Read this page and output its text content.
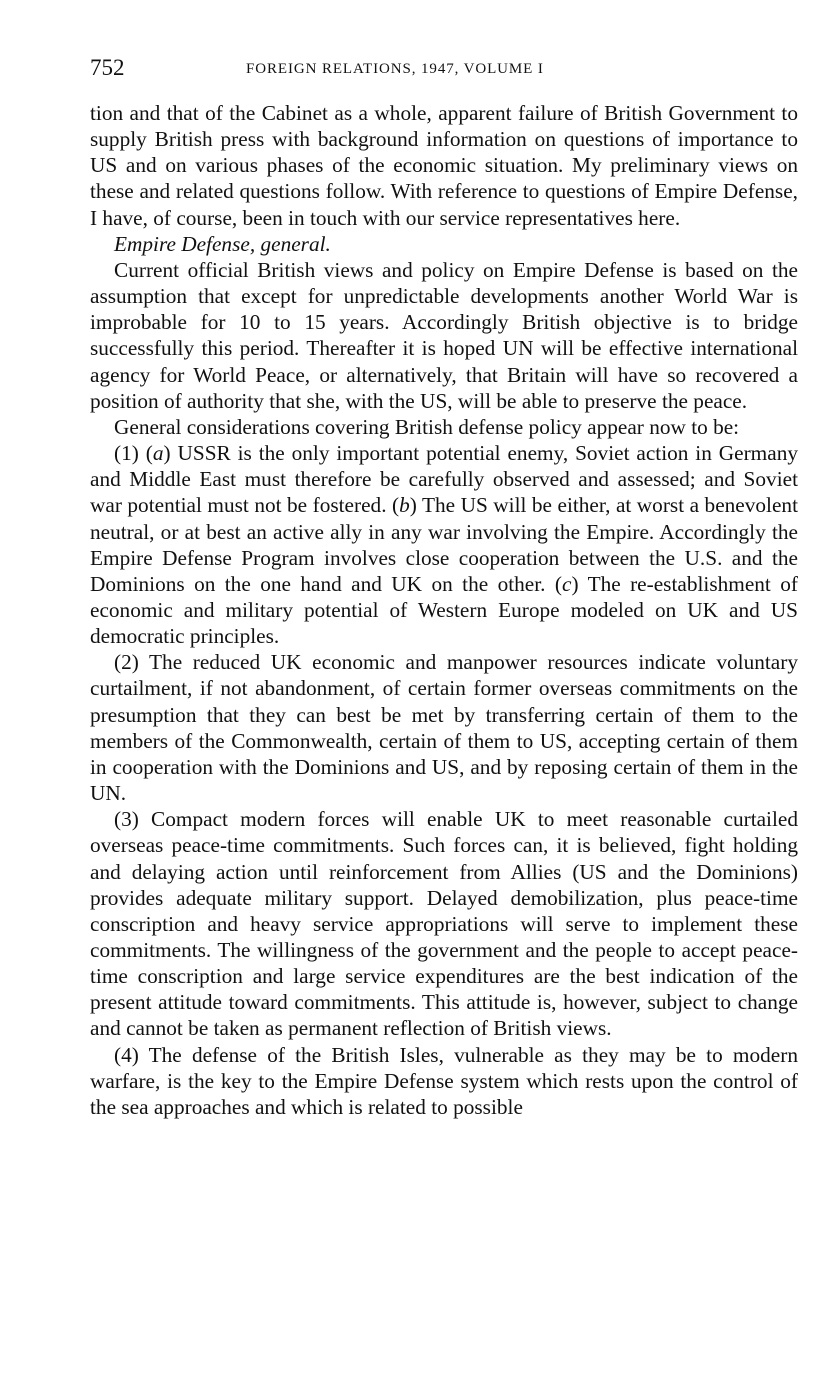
752	FOREIGN RELATIONS, 1947, VOLUME I

tion and that of the Cabinet as a whole, apparent failure of British Government to supply British press with background information on questions of importance to US and on various phases of the economic situation. My preliminary views on these and related questions follow. With reference to questions of Empire Defense, I have, of course, been in touch with our service representatives here.

Empire Defense, general.

Current official British views and policy on Empire Defense is based on the assumption that except for unpredictable developments another World War is improbable for 10 to 15 years. Accordingly British objective is to bridge successfully this period. Thereafter it is hoped UN will be effective international agency for World Peace, or alternatively, that Britain will have so recovered a position of authority that she, with the US, will be able to preserve the peace.

General considerations covering British defense policy appear now to be:

(1) (a) USSR is the only important potential enemy, Soviet action in Germany and Middle East must therefore be carefully observed and assessed; and Soviet war potential must not be fostered. (b) The US will be either, at worst a benevolent neutral, or at best an active ally in any war involving the Empire. Accordingly the Empire Defense Program involves close cooperation between the U.S. and the Dominions on the one hand and UK on the other. (c) The re-establishment of economic and military potential of Western Europe modeled on UK and US democratic principles.

(2) The reduced UK economic and manpower resources indicate voluntary curtailment, if not abandonment, of certain former overseas commitments on the presumption that they can best be met by transferring certain of them to the members of the Commonwealth, certain of them to US, accepting certain of them in cooperation with the Dominions and US, and by reposing certain of them in the UN.

(3) Compact modern forces will enable UK to meet reasonable curtailed overseas peace-time commitments. Such forces can, it is believed, fight holding and delaying action until reinforcement from Allies (US and the Dominions) provides adequate military support. Delayed demobilization, plus peace-time conscription and heavy service appropriations will serve to implement these commitments. The willingness of the government and the people to accept peace-time conscription and large service expenditures are the best indication of the present attitude toward commitments. This attitude is, however, subject to change and cannot be taken as permanent reflection of British views.

(4) The defense of the British Isles, vulnerable as they may be to modern warfare, is the key to the Empire Defense system which rests upon the control of the sea approaches and which is related to possible
